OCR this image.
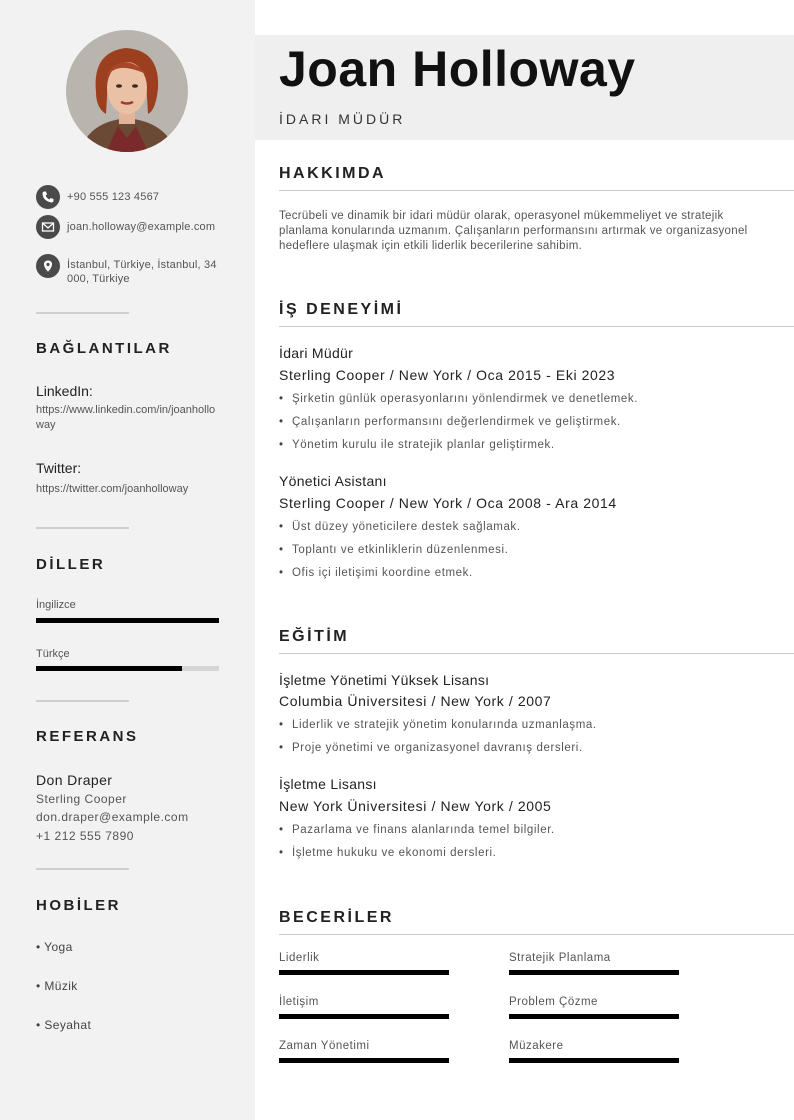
+90 555 123 4567
joan.holloway@example.com
İstanbul, Türkiye, İstanbul, 34000, Türkiye
BAĞLANTILAR
LinkedIn:
https://www.linkedin.com/in/joanholloway
Twitter:
https://twitter.com/joanholloway
DİLLER
İngilizce
Türkçe
REFERANS
Don Draper
Sterling Cooper
don.draper@example.com
+1 212 555 7890
HOBİLER
• Yoga
• Müzik
• Seyahat
Joan Holloway
İDARI MÜDÜR
HAKKIMDA
Tecrübeli ve dinamik bir idari müdür olarak, operasyonel mükemmeliyet ve stratejik planlama konularında uzmanım. Çalışanların performansını artırmak ve organizasyonel hedeflere ulaşmak için etkili liderlik becerilerine sahibim.
İŞ DENEYİMİ
İdari Müdür
Sterling Cooper / New York / Oca 2015 - Eki 2023
• Şirketin günlük operasyonlarını yönlendirmek ve denetlemek.
• Çalışanların performansını değerlendirmek ve geliştirmek.
• Yönetim kurulu ile stratejik planlar geliştirmek.
Yönetici Asistanı
Sterling Cooper / New York / Oca 2008 - Ara 2014
• Üst düzey yöneticilere destek sağlamak.
• Toplantı ve etkinliklerin düzenlenmesi.
• Ofis içi iletişimi koordine etmek.
EĞİTİM
İşletme Yönetimi Yüksek Lisansı
Columbia Üniversitesi / New York / 2007
• Liderlik ve stratejik yönetim konularında uzmanlaşma.
• Proje yönetimi ve organizasyonel davranış dersleri.
İşletme Lisansı
New York Üniversitesi / New York / 2005
• Pazarlama ve finans alanlarında temel bilgiler.
• İşletme hukuku ve ekonomi dersleri.
BECERİLER
Liderlik	Stratejik Planlama
İletişim	Problem Çözme
Zaman Yönetimi	Müzakere
